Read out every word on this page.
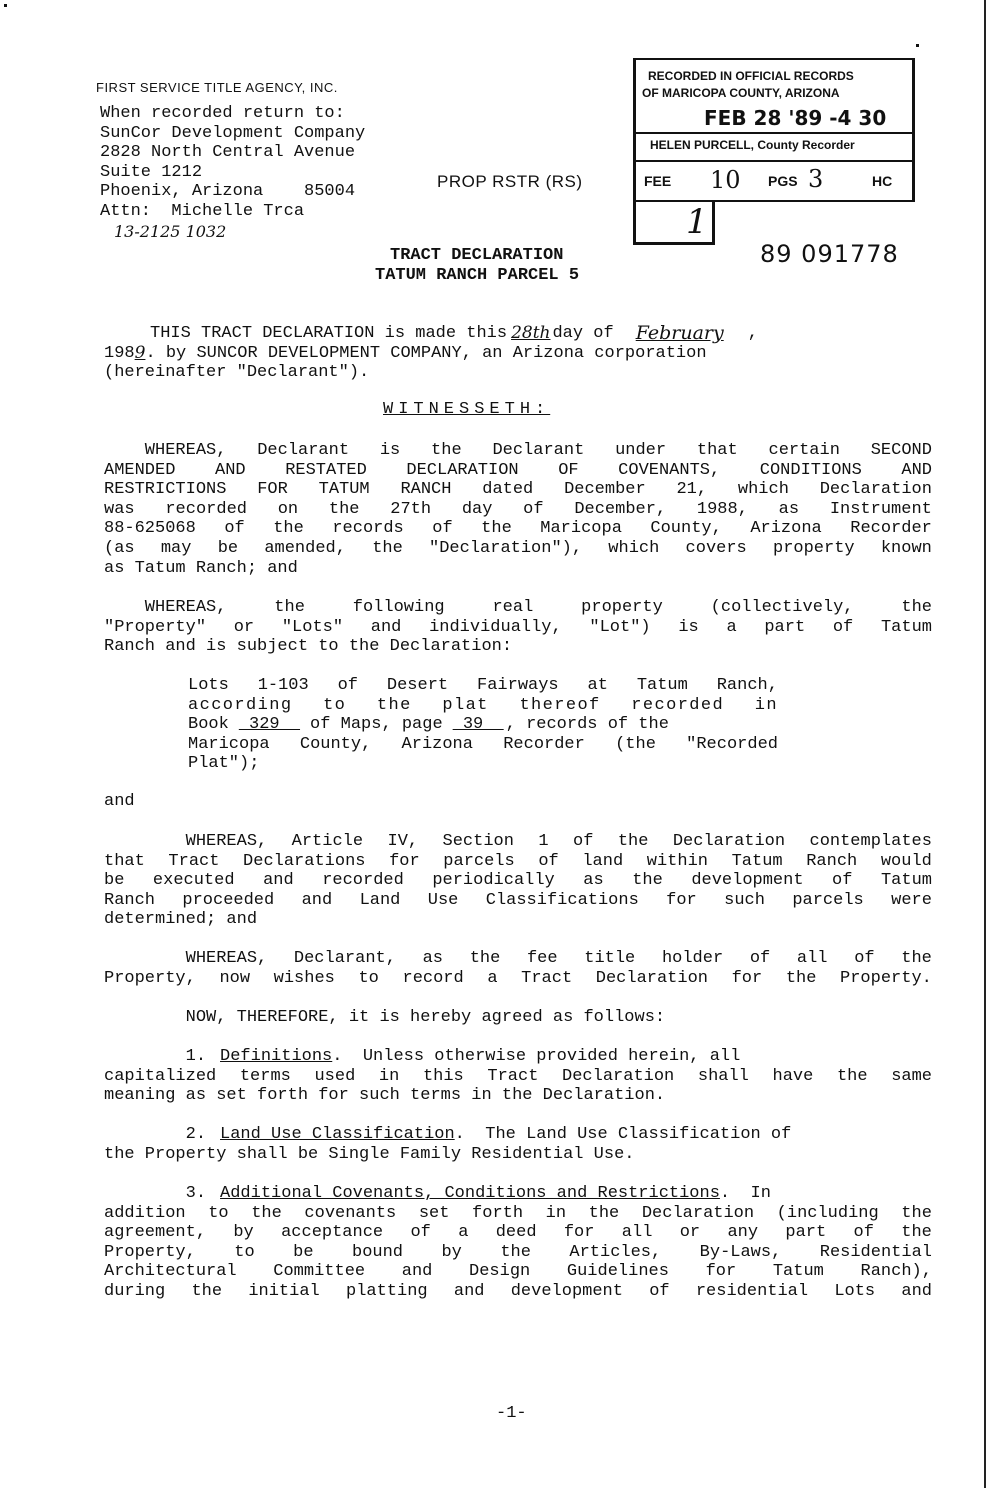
FIRST SERVICE TITLE AGENCY, INC.
When recorded return to:
SunCor Development Company
2828 North Central Avenue
Suite 1212
Phoenix, Arizona    85004
Attn:  Michelle Trca
13-2125 1032
PROP RSTR (RS)
RECORDED IN OFFICIAL RECORDS
OF MARICOPA COUNTY, ARIZONA
FEB 28 '89 -4 30
HELEN PURCELL, County Recorder
FEE 10 PGS 3	HC
1
89 091778
TRACT DECLARATION
TATUM RANCH PARCEL 5
THIS TRACT DECLARATION is made this 28th day of February ,
198 9 . by SUNCOR DEVELOPMENT COMPANY, an Arizona corporation
(hereinafter "Declarant").
WITNESSETH:
WHEREAS, Declarant is the Declarant under that certain SECOND
AMENDED AND RESTATED DECLARATION OF COVENANTS, CONDITIONS AND
RESTRICTIONS FOR TATUM RANCH dated December 21, which Declaration
was recorded on the 27th day of December, 1988, as Instrument
88-625068 of the records of the Maricopa County, Arizona Recorder
(as may be amended, the "Declaration"), which covers property known
as Tatum Ranch; and
WHEREAS,	the	following	real	property	(collectively,	the
"Property" or "Lots" and individually, "Lot") is a part of Tatum
Ranch and is subject to the Declaration:
Lots 1-103 of Desert Fairways at Tatum Ranch,
according to the plat thereof recorded in
Book 329 of Maps, page 39 , records of the
Maricopa County, Arizona Recorder (the "Recorded
Plat");
and
WHEREAS, Article IV, Section 1 of the Declaration contemplates
that Tract Declarations for parcels of land within Tatum Ranch would
be executed and recorded periodically as the development of Tatum
Ranch proceeded and Land Use Classifications for such parcels were
determined; and
WHEREAS, Declarant, as the fee title holder of all of the
Property, now wishes to record a Tract Declaration for the Property.
NOW, THEREFORE, it is hereby agreed as follows:
1. Definitions .  Unless otherwise provided herein, all
capitalized terms used in this Tract Declaration shall have the same
meaning as set forth for such terms in the Declaration.
2. Land Use Classification .  The Land Use Classification of
the Property shall be Single Family Residential Use.
3. Additional Covenants, Conditions and Restrictions .  In
addition to the covenants set forth in the Declaration (including the
agreement, by acceptance of a deed for all or any part of the
Property, to be bound by the Articles, By-Laws, Residential
Architectural Committee and Design Guidelines for Tatum Ranch),
during the initial platting and development of residential Lots and
-1-
